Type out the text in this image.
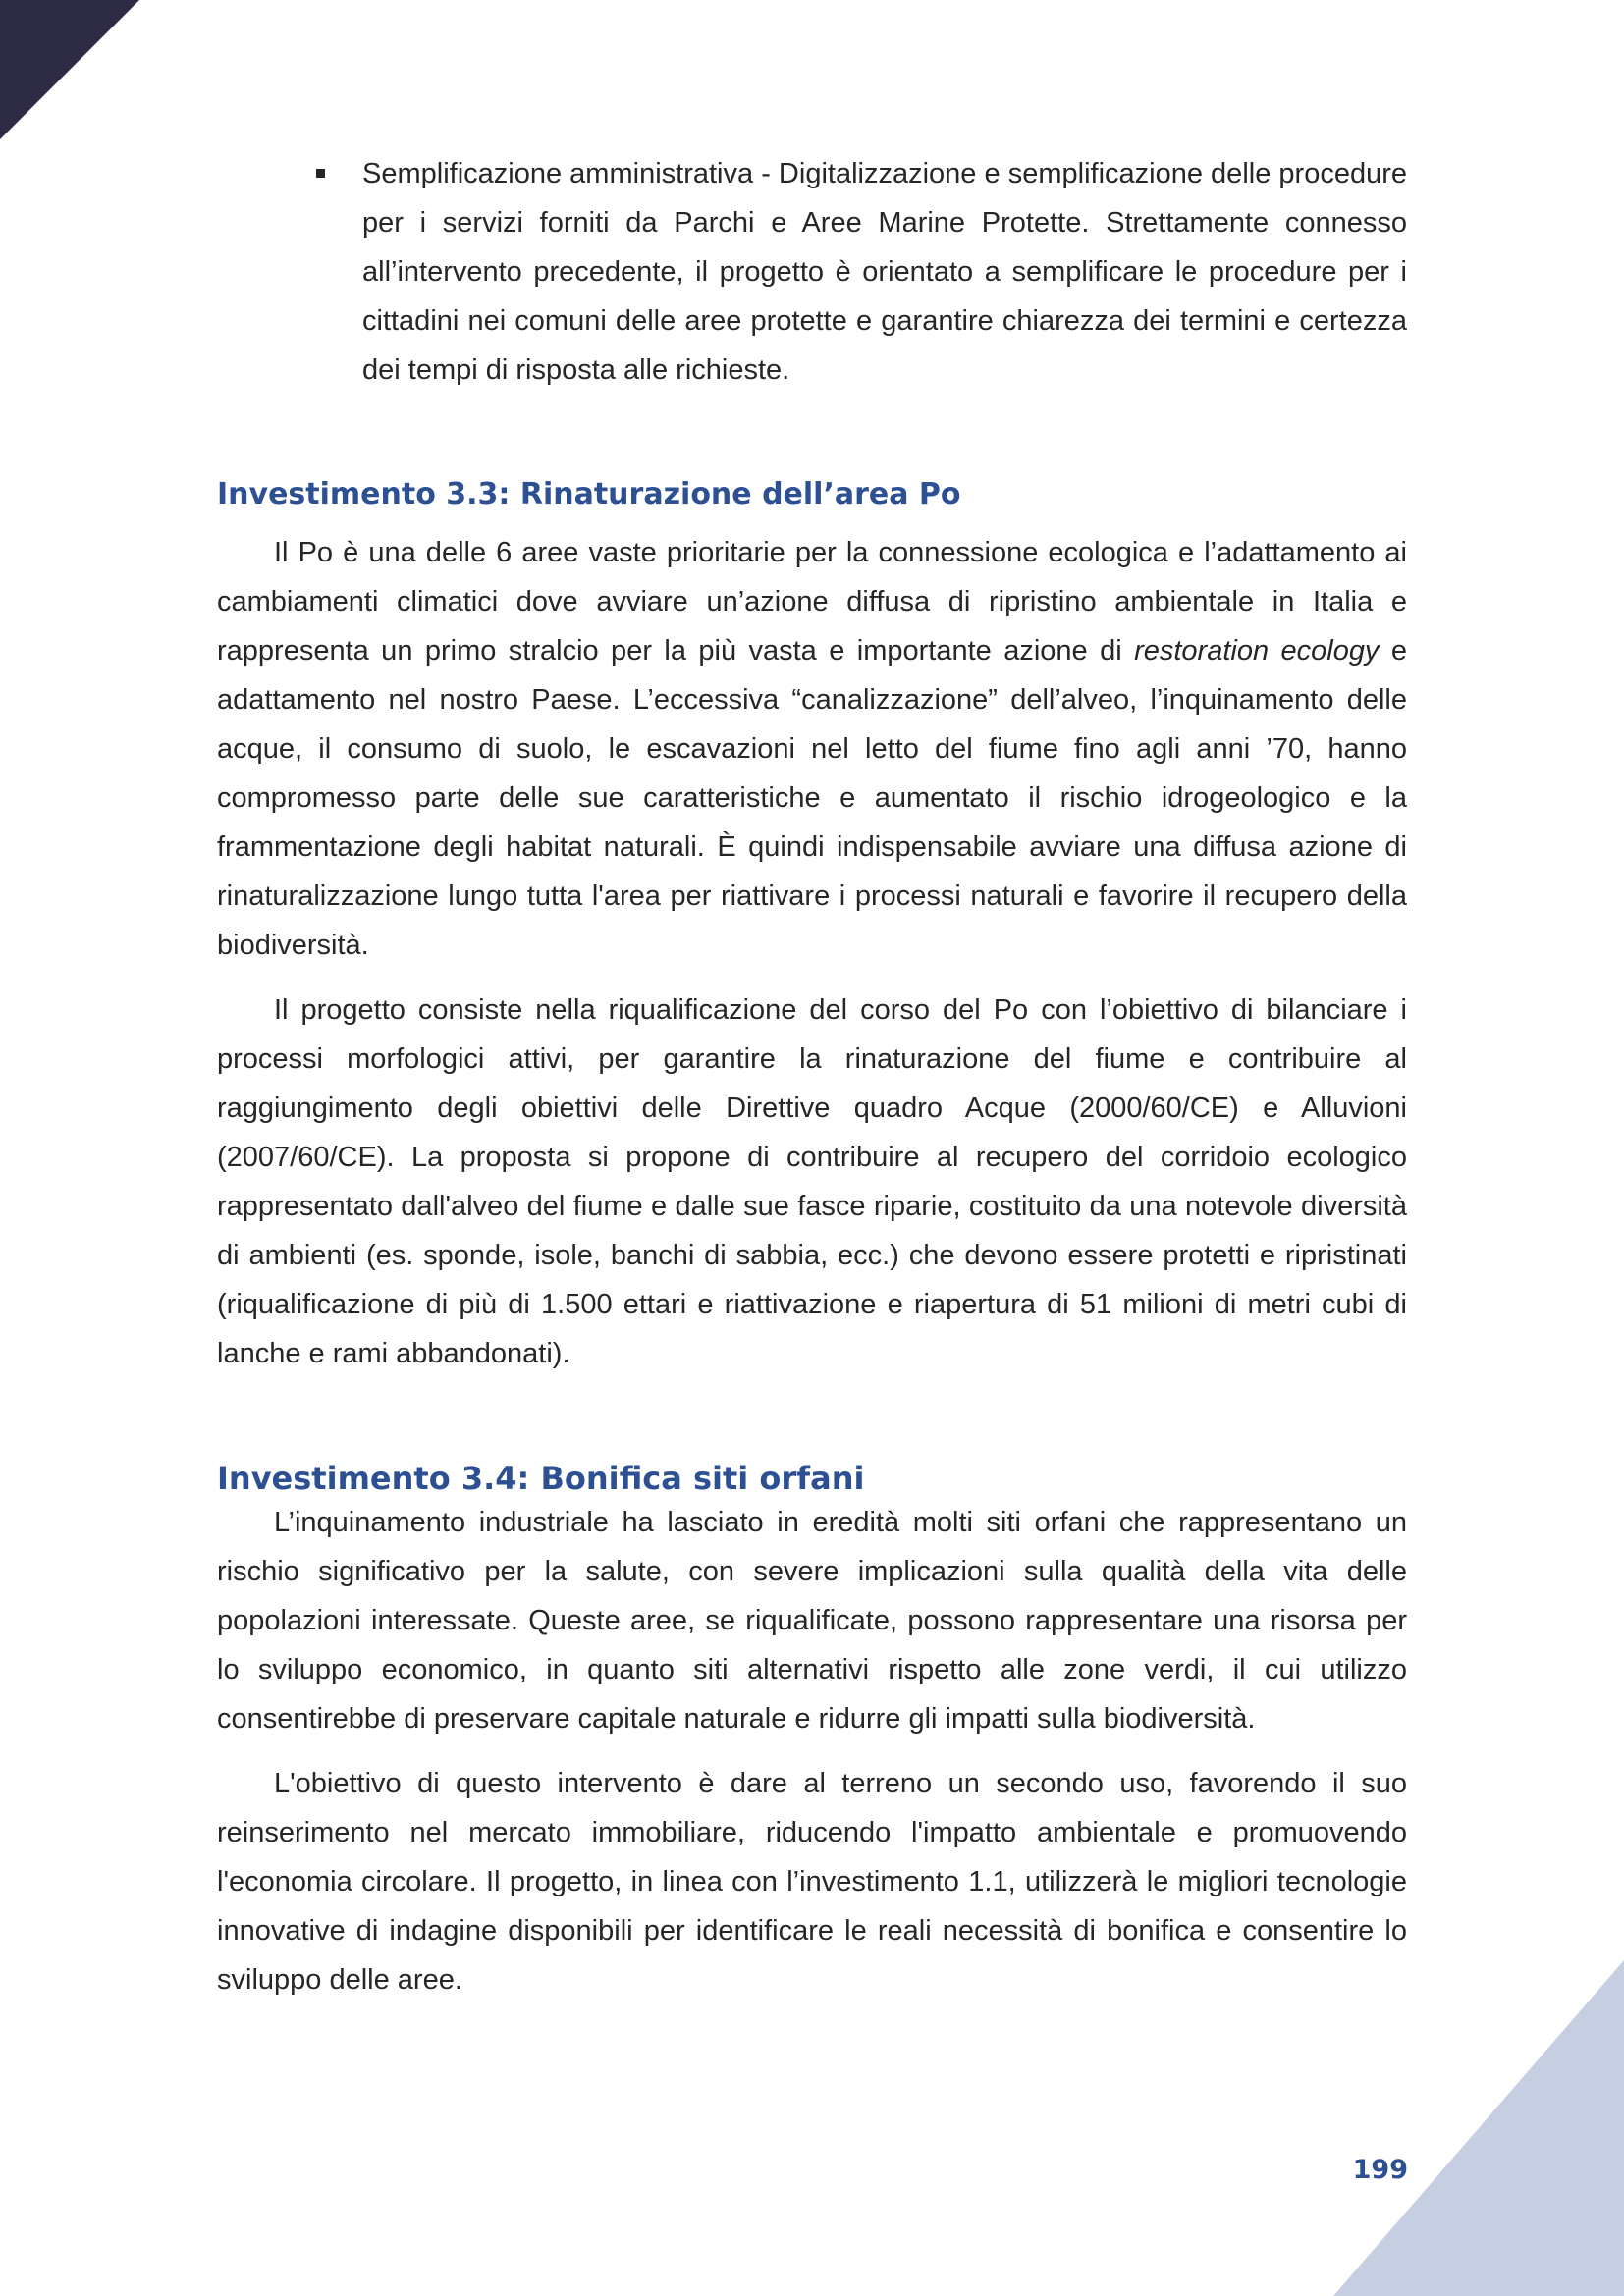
Semplificazione amministrativa - Digitalizzazione e semplificazione delle procedure per i servizi forniti da Parchi e Aree Marine Protette. Strettamente connesso all’intervento precedente, il progetto è orientato a semplificare le procedure per i cittadini nei comuni delle aree protette e garantire chiarezza dei termini e certezza dei tempi di risposta alle richieste.
Investimento 3.3: Rinaturazione dell’area Po

Il Po è una delle 6 aree vaste prioritarie per la connessione ecologica e l’adattamento ai cambiamenti climatici dove avviare un’azione diffusa di ripristino ambientale in Italia e rappresenta un primo stralcio per la più vasta e importante azione di restoration ecology e adattamento nel nostro Paese. L’eccessiva “canalizzazione” dell’alveo, l’inquinamento delle acque, il consumo di suolo, le escavazioni nel letto del fiume fino agli anni ’70, hanno compromesso parte delle sue caratteristiche e aumentato il rischio idrogeologico e la frammentazione degli habitat naturali. È quindi indispensabile avviare una diffusa azione di rinaturalizzazione lungo tutta l'area per riattivare i processi naturali e favorire il recupero della biodiversità.

Il progetto consiste nella riqualificazione del corso del Po con l’obiettivo di bilanciare i processi morfologici attivi, per garantire la rinaturazione del fiume e contribuire al raggiungimento degli obiettivi delle Direttive quadro Acque (2000/60/CE) e Alluvioni (2007/60/CE). La proposta si propone di contribuire al recupero del corridoio ecologico rappresentato dall'alveo del fiume e dalle sue fasce riparie, costituito da una notevole diversità di ambienti (es. sponde, isole, banchi di sabbia, ecc.) che devono essere protetti e ripristinati (riqualificazione di più di 1.500 ettari e riattivazione e riapertura di 51 milioni di metri cubi di lanche e rami abbandonati).

Investimento 3.4: Bonifica siti orfani

L’inquinamento industriale ha lasciato in eredità molti siti orfani che rappresentano un rischio significativo per la salute, con severe implicazioni sulla qualità della vita delle popolazioni interessate. Queste aree, se riqualificate, possono rappresentare una risorsa per lo sviluppo economico, in quanto siti alternativi rispetto alle zone verdi, il cui utilizzo consentirebbe di preservare capitale naturale e ridurre gli impatti sulla biodiversità.

L'obiettivo di questo intervento è dare al terreno un secondo uso, favorendo il suo reinserimento nel mercato immobiliare, riducendo l'impatto ambientale e promuovendo l'economia circolare. Il progetto, in linea con l’investimento 1.1, utilizzerà le migliori tecnologie innovative di indagine disponibili per identificare le reali necessità di bonifica e consentire lo sviluppo delle aree.

199
